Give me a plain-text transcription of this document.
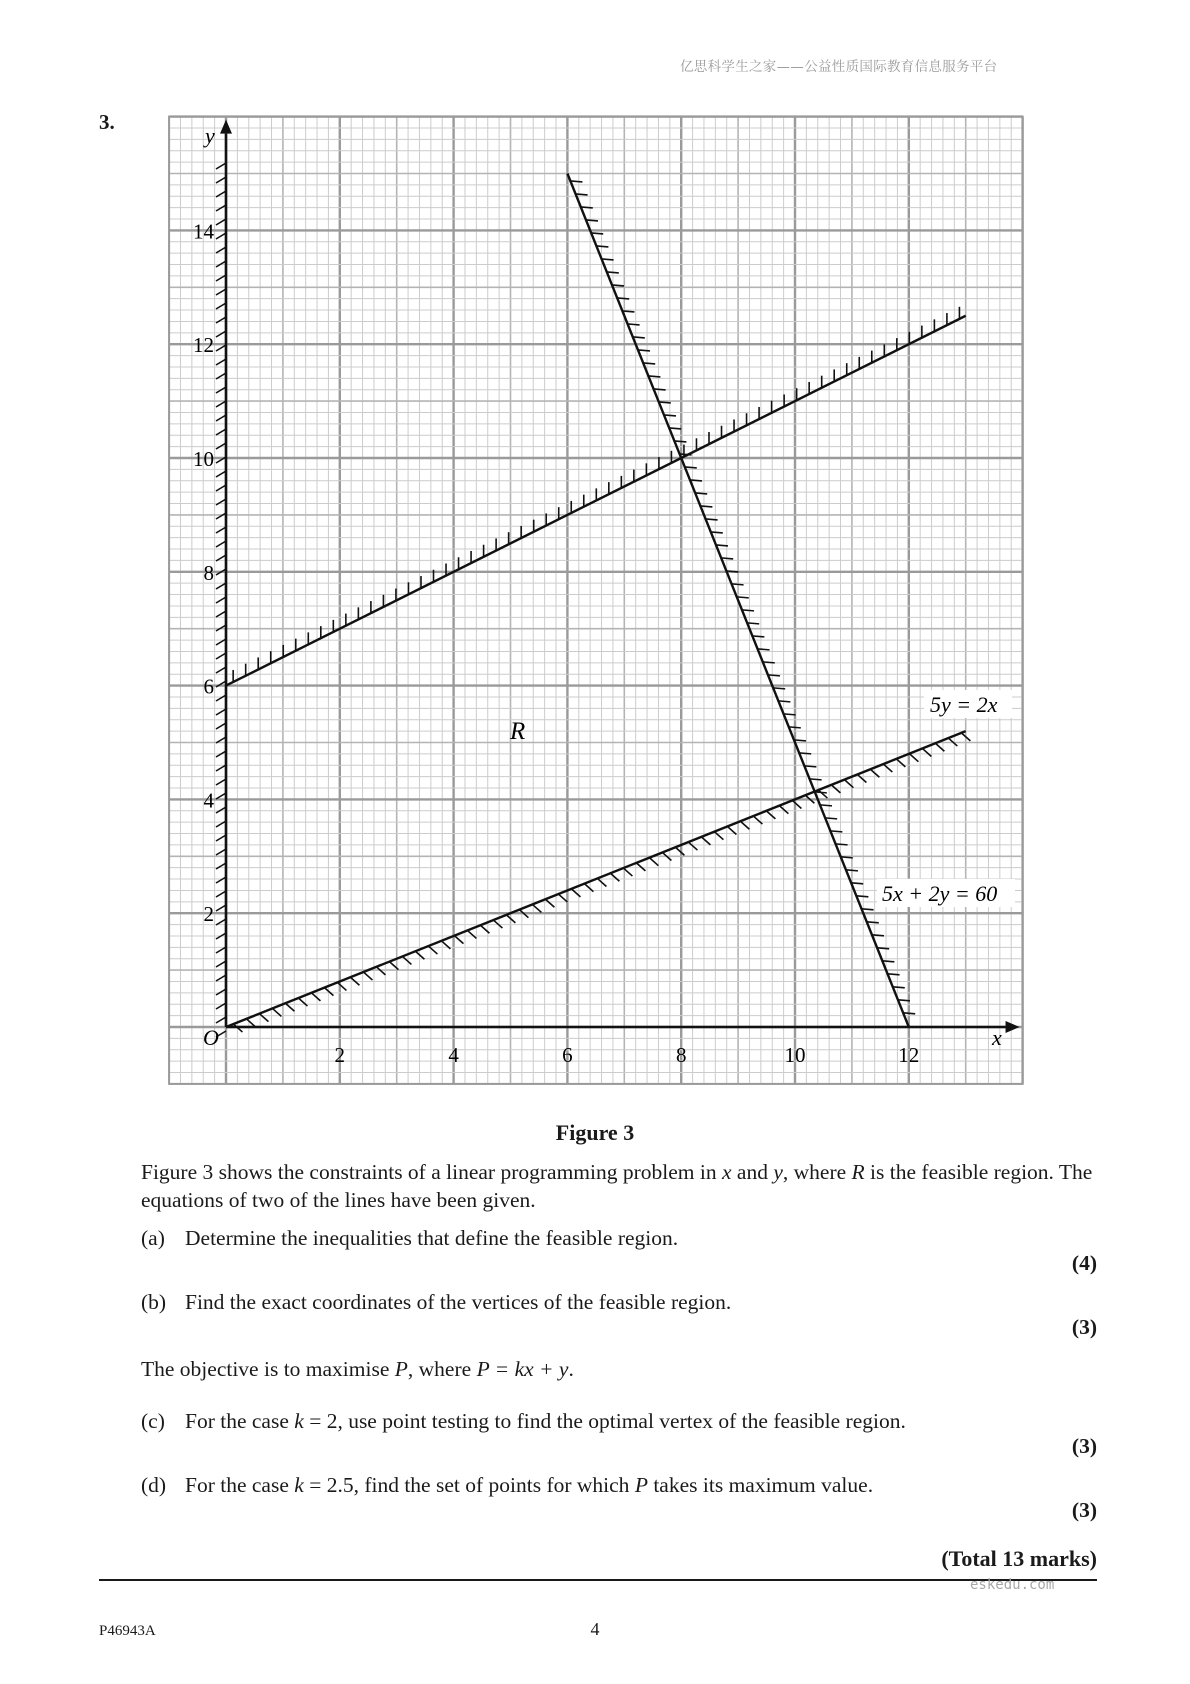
亿思科学生之家——公益性质国际教育信息服务平台
3.
2	4	6	8	10	12
2
4
6
8
10
12
14
5y = 2x
5x + 2y = 60
R
O	x
y
Figure 3
Figure 3 shows the constraints of a linear programming problem in x and y, where R is the feasible region. The equations of two of the lines have been given.
(a) Determine the inequalities that define the feasible region.
(4)
(b) Find the exact coordinates of the vertices of the feasible region.
(3)
The objective is to maximise P, where P = kx + y.
(c) For the case k = 2, use point testing to find the optimal vertex of the feasible region.
(3)
(d) For the case k = 2.5, find the set of points for which P takes its maximum value.
(3)
(Total 13 marks)
eskedu.com
P46943A	4
